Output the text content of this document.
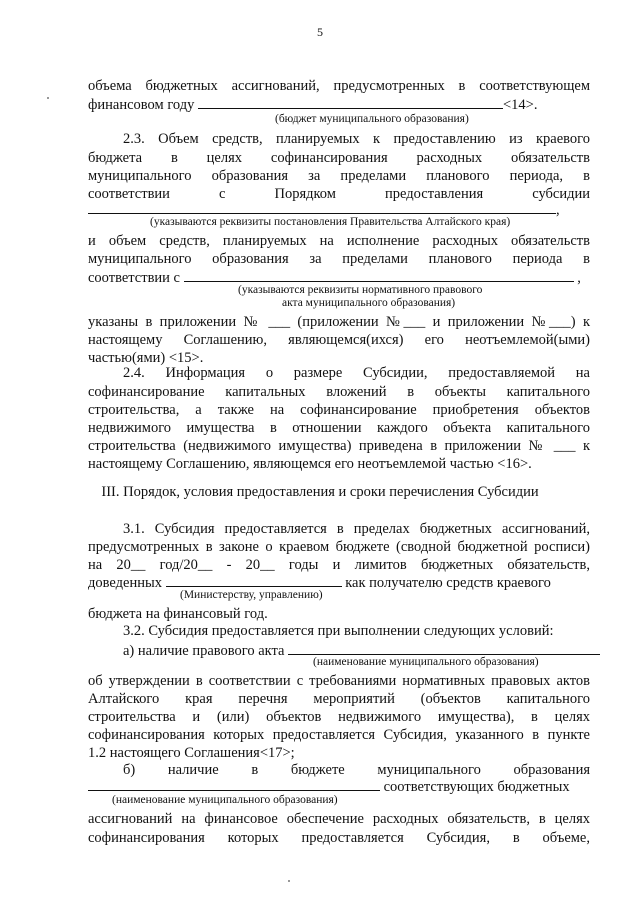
5
объема бюджетных ассигнований, предусмотренных в соответствующем
финансовом году	<14>.
(бюджет муниципального образования)
2.3. Объем средств, планируемых к предоставлению из краевого
бюджета в целях софинансирования расходных обязательств
муниципального образования за пределами планового периода, в
соответствии с Порядком предоставления субсидии
,
(указываются реквизиты постановления Правительства Алтайского края)
и объем средств, планируемых на исполнение расходных обязательств
муниципального образования за пределами планового периода в
соответствии с	,
(указываются реквизиты нормативного правового
акта муниципального образования)
указаны в приложении № ___ (приложении №___ и приложении №___) к
настоящему Соглашению, являющемся(ихся) его неотъемлемой(ыми)
частью(ями) <15>.
2.4. Информация о размере Субсидии, предоставляемой на
софинансирование капитальных вложений в объекты капитального
строительства, а также на софинансирование приобретения объектов
недвижимого имущества в отношении каждого объекта капитального
строительства (недвижимого имущества) приведена в приложении № ___ к
настоящему Соглашению, являющемся его неотъемлемой частью <16>.
III. Порядок, условия предоставления и сроки перечисления Субсидии
3.1. Субсидия предоставляется в пределах бюджетных ассигнований,
предусмотренных в законе о краевом бюджете (сводной бюджетной росписи)
на 20__ год/20__ - 20__ годы и лимитов бюджетных обязательств,
доведенных	как получателю средств краевого
(Министерству, управлению)
бюджета на финансовый год.
3.2. Субсидия предоставляется при выполнении следующих условий:
а) наличие правового акта
(наименование муниципального образования)
об утверждении в соответствии с требованиями нормативных правовых актов
Алтайского края перечня мероприятий (объектов капитального
строительства и (или) объектов недвижимого имущества), в целях
софинансирования которых предоставляется Субсидия, указанного в пункте
1.2 настоящего Соглашения<17>;
б) наличие в бюджете муниципального образования
соответствующих бюджетных
(наименование муниципального образования)
ассигнований на финансовое обеспечение расходных обязательств, в целях
софинансирования которых предоставляется Субсидия, в объеме,
